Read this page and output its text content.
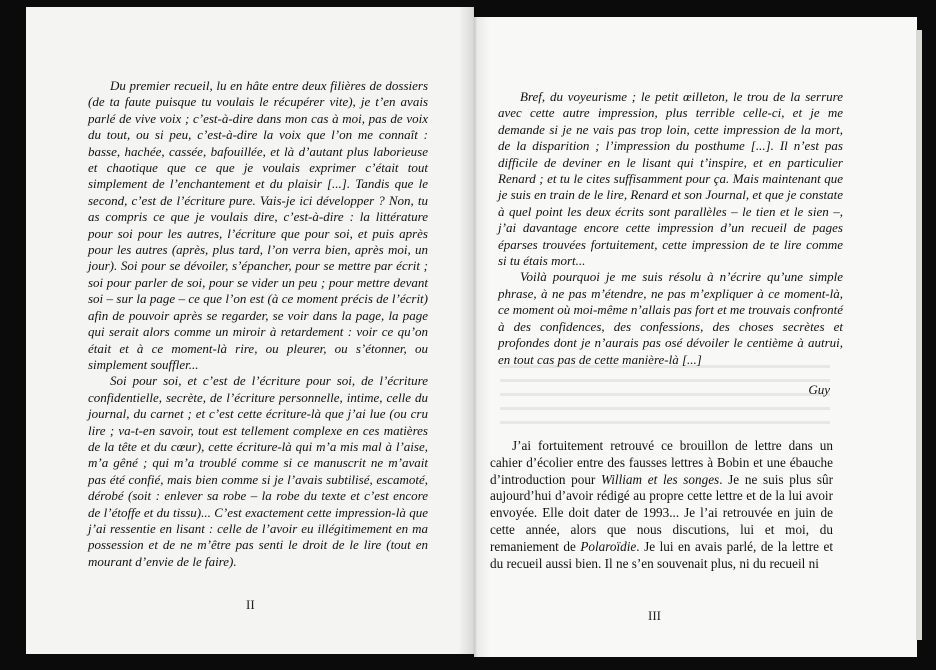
Du premier recueil, lu en hâte entre deux filières de dossiers (de ta faute puisque tu voulais le récupérer vite), je t’en avais parlé de vive voix ; c’est-à-dire dans mon cas à moi, pas de voix du tout, ou si peu, c’est-à-dire la voix que l’on me connaît : basse, hachée, cassée, bafouillée, et là d’autant plus laborieuse et chaotique que ce que je voulais exprimer c’était tout simplement de l’enchantement et du plaisir [...]. Tandis que le second, c’est de l’écriture pure. Vais-je ici développer ? Non, tu as compris ce que je voulais dire, c’est-à-dire : la littérature pour soi pour les autres, l’écriture que pour soi, et puis après pour les autres (après, plus tard, l’on verra bien, après moi, un jour). Soi pour se dévoiler, s’épancher, pour se mettre par écrit ; soi pour parler de soi, pour se vider un peu ; pour mettre devant soi – sur la page – ce que l’on est (à ce moment précis de l’écrit) afin de pouvoir après se regarder, se voir dans la page, la page qui serait alors comme un miroir à retardement : voir ce qu’on était et à ce moment-là rire, ou pleurer, ou s’étonner, ou simplement souffler...

Soi pour soi, et c’est de l’écriture pour soi, de l’écriture confidentielle, secrète, de l’écriture personnelle, intime, celle du journal, du carnet ; et c’est cette écriture-là que j’ai lue (ou cru lire ; va-t-en savoir, tout est tellement complexe en ces matières de la tête et du cœur), cette écriture-là qui m’a mis mal à l’aise, m’a gêné ; qui m’a troublé comme si ce manuscrit ne m’avait pas été confié, mais bien comme si je l’avais subtilisé, escamoté, dérobé (soit : enlever sa robe – la robe du texte et c’est encore de l’étoffe et du tissu)... C’est exactement cette impression-là que j’ai ressentie en lisant : celle de l’avoir eu illégitimement en ma possession et de ne m’être pas senti le droit de le lire (tout en mourant d’envie de le faire).

II

Bref, du voyeurisme ; le petit œilleton, le trou de la serrure avec cette autre impression, plus terrible celle-ci, et je me demande si je ne vais pas trop loin, cette impression de la mort, de la disparition ; l’impression du posthume [...]. Il n’est pas difficile de deviner en le lisant qui t’inspire, et en particulier Renard ; et tu le cites suffisamment pour ça. Mais maintenant que je suis en train de le lire, Renard et son Journal, et que je constate à quel point les deux écrits sont parallèles – le tien et le sien –, j’ai davantage encore cette impression d’un recueil de pages éparses trouvées fortuitement, cette impression de te lire comme si tu étais mort...

Voilà pourquoi je me suis résolu à n’écrire qu’une simple phrase, à ne pas m’étendre, ne pas m’expliquer à ce moment-là, ce moment où moi-même n’allais pas fort et me trouvais confronté à des confidences, des confessions, des choses secrètes et profondes dont je n’aurais pas osé dévoiler le centième à autrui, en tout cas pas de cette manière-là [...]

Guy

J’ai fortuitement retrouvé ce brouillon de lettre dans un cahier d’écolier entre des fausses lettres à Bobin et une ébauche d’introduction pour William et les songes. Je ne suis plus sûr aujourd’hui d’avoir rédigé au propre cette lettre et de la lui avoir envoyée. Elle doit dater de 1993... Je l’ai retrouvée en juin de cette année, alors que nous discutions, lui et moi, du remaniement de Polaroïdie. Je lui en avais parlé, de la lettre et du recueil aussi bien. Il ne s’en souvenait plus, ni du recueil ni

III
